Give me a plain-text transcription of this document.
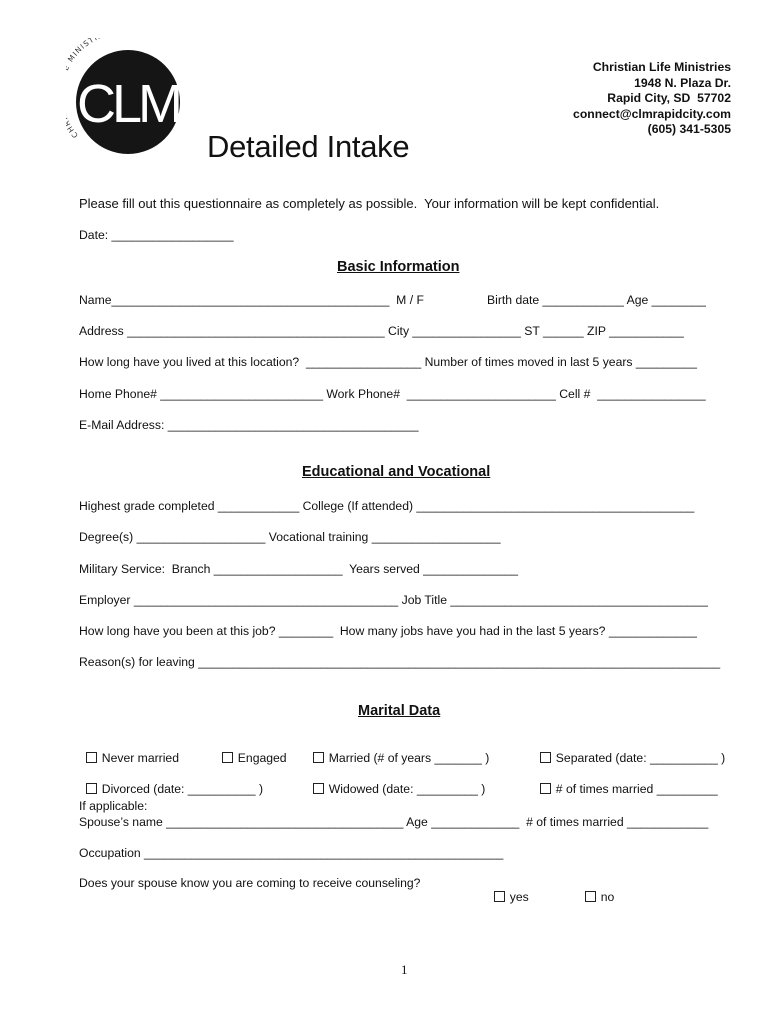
C MINIST
CLM
Detailed Intake
Christian Life Ministries
1948 N. Plaza Dr.
Rapid City, SD  57702
connect@clmrapidcity.com
(605) 341-5305
Please fill out this questionnaire as completely as possible.  Your information will be kept confidential.
Date: __________________
Basic Information
Name_________________________________________  M / F	Birth date ____________ Age ________
Address ______________________________________ City ________________ ST ______ ZIP ___________
How long have you lived at this location?  _________________ Number of times moved in last 5 years _________
Home Phone# ________________________ Work Phone#  ______________________ Cell #  ________________
E-Mail Address: _____________________________________
Educational and Vocational
Highest grade completed ____________ College (If attended) _________________________________________
Degree(s) ___________________ Vocational training ___________________
Military Service:  Branch ___________________  Years served ______________
Employer _______________________________________ Job Title ______________________________________
How long have you been at this job? ________  How many jobs have you had in the last 5 years? _____________
Reason(s) for leaving _____________________________________________________________________________
Marital Data

Never married	Engaged	Married (# of years _______ )	Separated (date: __________ )

Divorced (date: __________ )	Widowed (date: _________ )	# of times married _________

If applicable:
Spouse’s name ___________________________________ Age _____________  # of times married ____________
Occupation _____________________________________________________
Does your spouse know you are coming to receive counseling?

yes	no

1
